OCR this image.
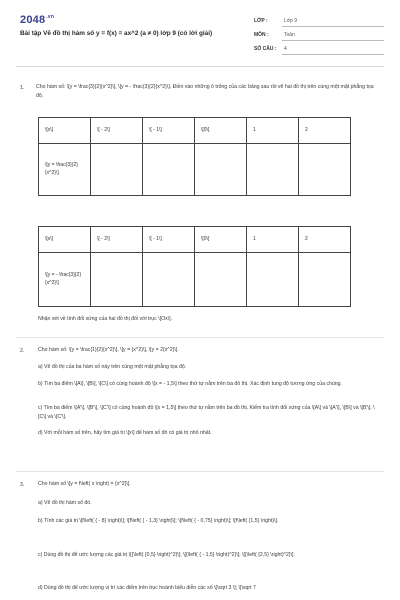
$2048^{.vn}$
Bài tập Vẽ đồ thị hàm số y = f(x) = ax^2 (a ≠ 0) lớp 9 (có lời giải)
LỚP :	Lớp 9
MÔN :	Toán
SỐ CÂU : 4
1. Cho hàm số: \[y = \frac{3}{2}{x^2}\], \[y = - \frac{3}{2}{x^2}\]. Điền vào những ô trống của các bảng sau rồi vẽ hai đồ thị trên cùng một mặt phẳng tọa độ.
\[x\]	\[ - 2\]	\[ - 1\]	\[0\]	1	2
\[y = \frac{3}{2}{x^2}\]					
\[x\]	\[ - 2\]	\[ - 1\]	\[0\]	1	2
\[y = - \frac{3}{2}{x^2}\]					
Nhận xét về tính đối xứng của hai đồ thị đối với trục \[Ox\].
2.	Cho hàm số: \[y = \frac{1}{2}{x^2}\], \[y = {x^2}\], \[y = 2{x^2}\].
a) Vẽ đồ thị của ba hàm số này trên cùng một mặt phẳng tọa độ.
b) Tìm ba điểm \[A\], \[B\], \[C\] có cùng hoành độ \[x = - 1,5\] theo thứ tự nằm trên ba đồ thị. Xác định tung độ tương ứng của chúng.
c) Tìm ba điểm \[A'\], \[B'\], \[C'\] có cùng hoành độ \[x = 1,5\] theo thứ tự nằm trên ba đồ thị. Kiểm tra tính đối xứng của \[A\] và \[A'\], \[B\] và \[B'\], \[C\] và \[C'\].
d) Với mỗi hàm số trên, hãy tìm giá trị \[x\] để hàm số đó có giá trị nhỏ nhất.
3.	Cho hàm số \[y = f\left( x \right) = {x^2}\].
a) Vẽ đồ thị hàm số đó.
b) Tính các giá trị \[f\left( { - 8} \right)\]; \[f\left( { - 1,3} \right)\]; \[f\left( { - 0,75} \right)\]; \[f\left( {1,5} \right)\].
c) Dùng đồ thị để ước lượng các giá trị \[{\left( {0,5} \right)^2}\]; \[{\left( { - 1,5} \right)^2}\]; \[{\left( {2,5} \right)^2}\].
d) Dùng đồ thị để ước lượng vị trí các điểm trên trục hoành biểu diễn các số \[\sqrt 3 \]; \[\sqrt 7
